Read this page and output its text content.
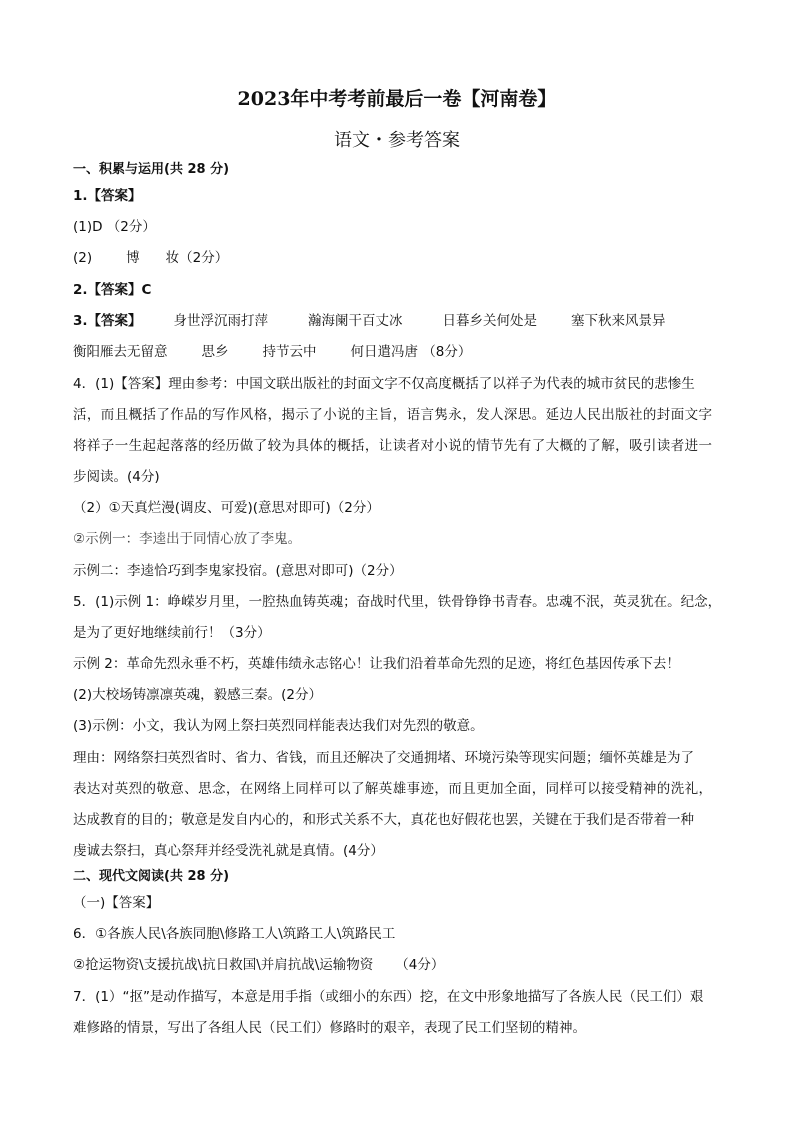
2023年中考考前最后一卷【河南卷】
语文・参考答案
一、积累与运用(共 28 分)
1.【答案】
(1)D （2分）
(2)	博 妆（2分）
2.【答案】C
3.【答案】 身世浮沉雨打萍	瀚海阑干百丈冰	日暮乡关何处是	塞下秋来风景异
衡阳雁去无留意	思乡	持节云中	何日遣冯唐 （8分）
4．(1)【答案】理由参考：中国文联出版社的封面文字不仅高度概括了以祥子为代表的城市贫民的悲惨生
活，而且概括了作品的写作风格，揭示了小说的主旨，语言隽永，发人深思。延边人民出版社的封面文字
将祥子一生起起落落的经历做了较为具体的概括，让读者对小说的情节先有了大概的了解，吸引读者进一
步阅读。(4分)
（2）①天真烂漫(调皮、可爱)(意思对即可)（2分）
②示例一：李逵出于同情心放了李鬼。
示例二：李逵恰巧到李鬼家投宿。(意思对即可)（2分）
5．(1)示例 1：峥嵘岁月里，一腔热血铸英魂；奋战时代里，铁骨铮铮书青春。忠魂不泯，英灵犹在。纪念，
是为了更好地继续前行！（3分）
示例 2：革命先烈永垂不朽，英雄伟绩永志铭心！让我们沿着革命先烈的足迹，将红色基因传承下去！
(2)大校场铸凛凛英魂，毅感三秦。(2分）
(3)示例：小文，我认为网上祭扫英烈同样能表达我们对先烈的敬意。
理由：网络祭扫英烈省时、省力、省钱，而且还解决了交通拥堵、环境污染等现实问题；缅怀英雄是为了
表达对英烈的敬意、思念，在网络上同样可以了解英雄事迹，而且更加全面，同样可以接受精神的洗礼，
达成教育的目的；敬意是发自内心的，和形式关系不大，真花也好假花也罢，关键在于我们是否带着一种
虔诚去祭扫，真心祭拜并经受洗礼就是真情。(4分）
二、现代文阅读(共 28 分)
（一)【答案】
6．①各族人民\各族同胞\修路工人\筑路工人\筑路民工
②抢运物资\支援抗战\抗日救国\并肩抗战\运输物资 （4分）
7．(1）“抠”是动作描写，本意是用手指（或细小的东西）挖，在文中形象地描写了各族人民（民工们）艰
难修路的情景，写出了各组人民（民工们）修路时的艰辛，表现了民工们坚韧的精神。
